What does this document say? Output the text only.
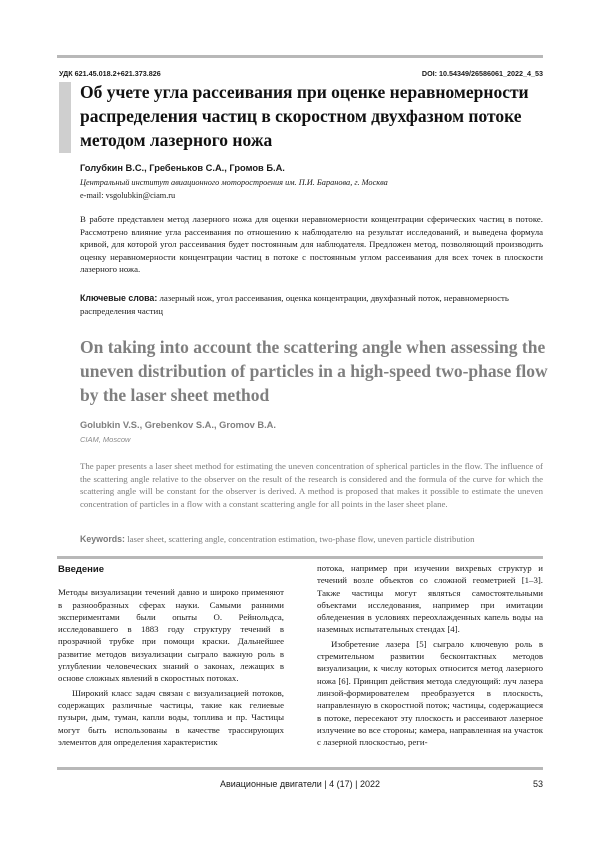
УДК 621.45.018.2+621.373.826	DOI: 10.54349/26586061_2022_4_53
Об учете угла рассеивания при оценке неравномерности распределения частиц в скоростном двухфазном потоке методом лазерного ножа
Голубкин В.С., Гребеньков С.А., Громов Б.А.
Центральный институт авиационного моторостроения им. П.И. Баранова, г. Москва
e-mail: vsgolubkin@ciam.ru
В работе представлен метод лазерного ножа для оценки неравномерности концентрации сферических частиц в потоке. Рассмотрено влияние угла рассеивания по отношению к наблюдателю на результат исследований, и выведена формула кривой, для которой угол рассеивания будет постоянным для наблюдателя. Предложен метод, позволяющий производить оценку неравномерности концентрации частиц в потоке с постоянным углом рассеивания для всех точек в плоскости лазерного ножа.
Ключевые слова: лазерный нож, угол рассеивания, оценка концентрации, двухфазный поток, неравномерность распределения частиц
On taking into account the scattering angle when assessing the uneven distribution of particles in a high-speed two-phase flow by the laser sheet method
Golubkin V.S., Grebenkov S.A., Gromov B.A.
CIAM, Moscow
The paper presents a laser sheet method for estimating the uneven concentration of spherical particles in the flow. The influence of the scattering angle relative to the observer on the result of the research is considered and the formula of the curve for which the scattering angle will be constant for the observer is derived. A method is proposed that makes it possible to estimate the uneven concentration of particles in a flow with a constant scattering angle for all points in the laser sheet plane.
Keywords: laser sheet, scattering angle, concentration estimation, two-phase flow, uneven particle distribution
Введение

Методы визуализации течений давно и широко применяют в разнообразных сферах науки. Самыми ранними экспериментами были опыты О. Рейнольдса, исследовавшего в 1883 году структуру течений в прозрачной трубке при помощи краски. Дальнейшее развитие методов визуализации сыграло важную роль в углублении человеческих знаний о законах, лежащих в основе сложных явлений в скоростных потоках.

Широкий класс задач связан с визуализацией потоков, содержащих различные частицы, такие как гелиевые пузыри, дым, туман, капли воды, топлива и пр. Частицы могут быть использованы в качестве трассирующих элементов для определения характеристик

потока, например при изучении вихревых структур и течений возле объектов со сложной геометрией [1–3]. Также частицы могут являться самостоятельными объектами исследования, например при имитации обледенения в условиях переохлажденных капель воды на наземных испытательных стендах [4].

Изобретение лазера [5] сыграло ключевую роль в стремительном развитии бесконтактных методов визуализации, к числу которых относится метод лазерного ножа [6]. Принцип действия метода следующий: луч лазера линзой-формирователем преобразуется в плоскость, направленную в скоростной поток; частицы, содержащиеся в потоке, пересекают эту плоскость и рассеивают лазерное излучение во все стороны; камера, направленная на участок с лазерной плоскостью, реги-

Авиационные двигатели | 4 (17) | 2022	53
